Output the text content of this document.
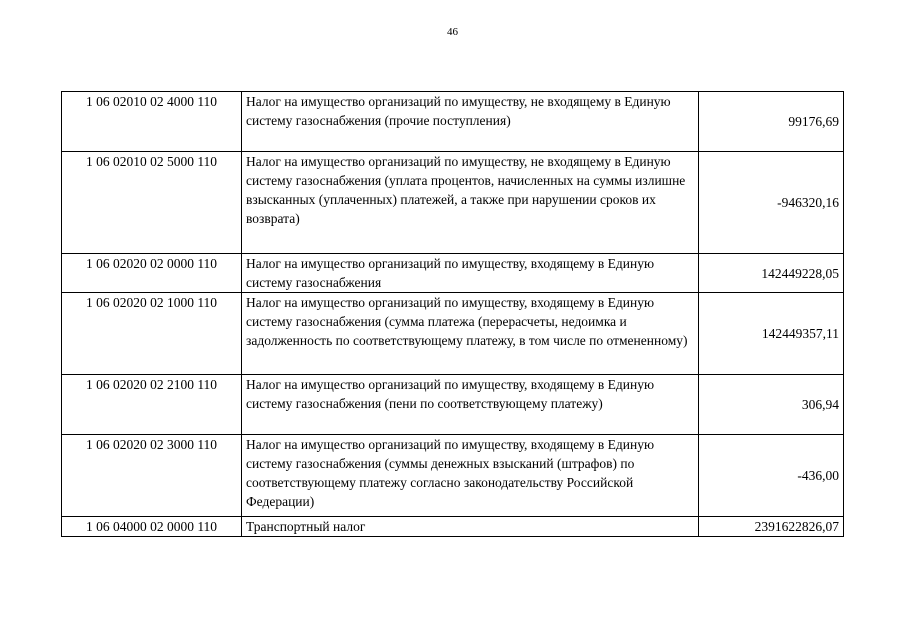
46
1 06 02010 02 4000 110	Налог на имущество организаций по имуществу, не входящему в Единую систему газоснабжения (прочие поступления)	99176,69
1 06 02010 02 5000 110	Налог на имущество организаций по имуществу, не входящему в Единую систему газоснабжения (уплата процентов, начисленных на суммы излишне взысканных (уплаченных) платежей, а также при нарушении сроков их возврата)	-946320,16
1 06 02020 02 0000 110	Налог на имущество организаций по имуществу, входящему в Единую систему газоснабжения	142449228,05
1 06 02020 02 1000 110	Налог на имущество организаций по имуществу, входящему в Единую систему газоснабжения (сумма платежа (перерасчеты, недоимка и задолженность по соответствующему платежу, в том числе по отмененному)	142449357,11
1 06 02020 02 2100 110	Налог на имущество организаций по имуществу, входящему в Единую систему газоснабжения (пени по соответствующему платежу)	306,94
1 06 02020 02 3000 110	Налог на имущество организаций по имуществу, входящему в Единую систему газоснабжения (суммы денежных взысканий (штрафов) по соответствующему платежу согласно законодательству Российской Федерации)	-436,00
1 06 04000 02 0000 110	Транспортный налог	2391622826,07
